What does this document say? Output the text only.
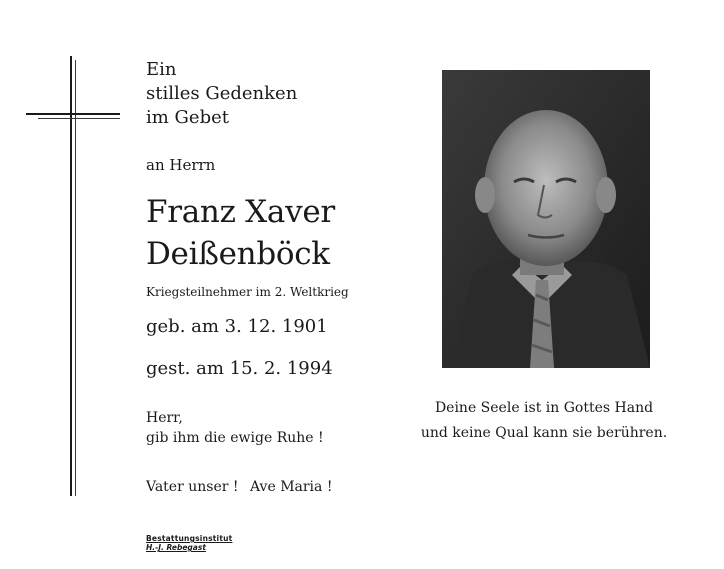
Ein
stilles Gedenken
im Gebet
an Herrn
Franz Xaver
Deißenböck
Kriegsteilnehmer im 2. Weltkrieg
geb. am 3. 12. 1901
gest. am 15. 2. 1994
Herr,
gib ihm die ewige Ruhe !
Vater unser ! Ave Maria !
Bestattungsinstitut
H.-J. Rebegast
Deine Seele ist in Gottes Hand
und keine Qual kann sie berühren.
